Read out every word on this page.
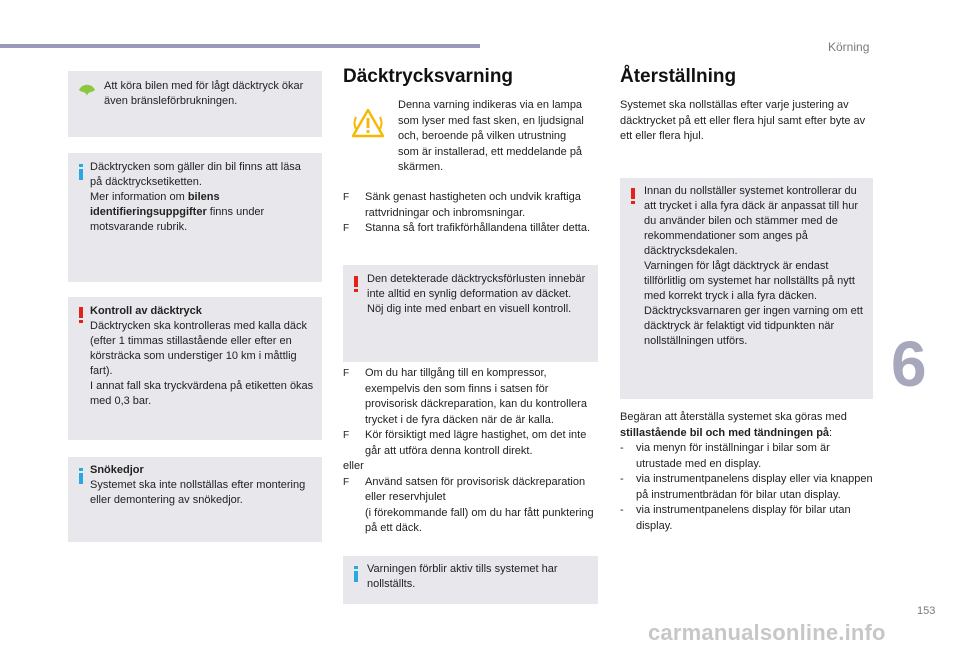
Körning
6
153
carmanualsonline.info
Att köra bilen med för lågt däcktryck ökar även bränsleförbrukningen.
Däcktrycken som gäller din bil finns att läsa på däcktrycksetiketten.
Mer information om bilens identifieringsuppgifter finns under motsvarande rubrik.
Kontroll av däcktryck
Däcktrycken ska kontrolleras med kalla däck (efter 1 timmas stillastående eller efter en körsträcka som understiger 10 km i måttlig fart).
I annat fall ska tryckvärdena på etiketten ökas med 0,3 bar.
Snökedjor
Systemet ska inte nollställas efter montering eller demontering av snökedjor.
Däcktrycksvarning
Denna varning indikeras via en lampa som lyser med fast sken, en ljudsignal och, beroende på vilken utrustning som är installerad, ett meddelande på skärmen.
F Sänk genast hastigheten och undvik kraftiga rattvridningar och inbromsningar.
F Stanna så fort trafikförhållandena tillåter detta.
Den detekterade däcktrycksförlusten innebär inte alltid en synlig deformation av däcket.
Nöj dig inte med enbart en visuell kontroll.
F Om du har tillgång till en kompressor, exempelvis den som finns i satsen för provisorisk däckreparation, kan du kontrollera trycket i de fyra däcken när de är kalla.
F Kör försiktigt med lägre hastighet, om det inte går att utföra denna kontroll direkt.
eller
F Använd satsen för provisorisk däckreparation eller reservhjulet
(i förekommande fall) om du har fått punktering på ett däck.
Varningen förblir aktiv tills systemet har nollställts.
Återställning
Systemet ska nollställas efter varje justering av däcktrycket på ett eller flera hjul samt efter byte av ett eller flera hjul.
Innan du nollställer systemet kontrollerar du att trycket i alla fyra däck är anpassat till hur du använder bilen och stämmer med de rekommendationer som anges på däcktrycksdekalen.
Varningen för lågt däcktryck är endast tillförlitlig om systemet har nollställts på nytt med korrekt tryck i alla fyra däcken.
Däcktrycksvarnaren ger ingen varning om ett däcktryck är felaktigt vid tidpunkten när nollställningen utförs.
Begäran att återställa systemet ska göras med stillastående bil och med tändningen på:
- via menyn för inställningar i bilar som är utrustade med en display.
- via instrumentpanelens display eller via knappen på instrumentbrädan för bilar utan display.
- via instrumentpanelens display för bilar utan display.
